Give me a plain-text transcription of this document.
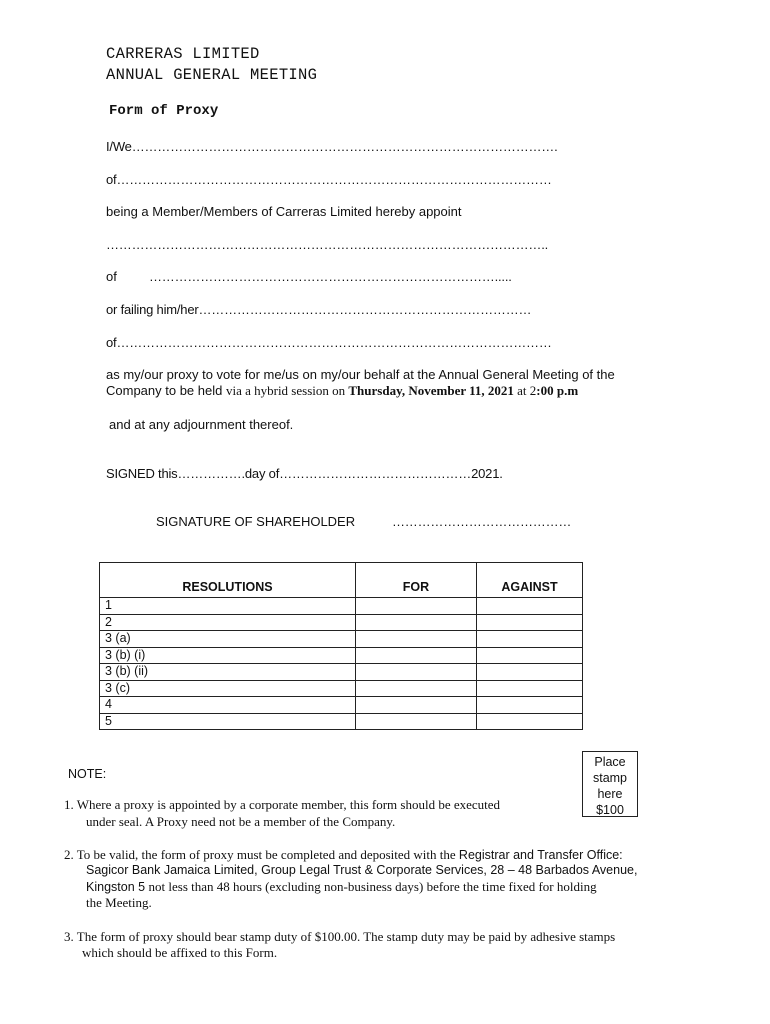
CARRERAS LIMITED
ANNUAL GENERAL MEETING
Form of Proxy
I/We……………………………………………………………………………………….
of…………………………………………………………………………………………
being a Member/Members of Carreras Limited hereby appoint
…………………………………………………………………………………………..
of ……………………………………………………………………….....
or failing him/her……………………………………………………………………
of…………………………………………………………………………………………
as my/our proxy to vote for me/us on my/our behalf at the Annual General Meeting of the
Company to be held via a hybrid session on Thursday, November 11, 2021 at 2:00 p.m
and at any adjournment thereof.
SIGNED this…………….day of………………………………………2021.
SIGNATURE OF SHAREHOLDER	……………………………………
RESOLUTIONS	FOR	AGAINST
1		
2		
3 (a)		
3 (b) (i)		
3 (b) (ii)		
3 (c)		
4		
5		
Place
stamp
here
$100
NOTE:
1. Where a proxy is appointed by a corporate member, this form should be executed
under seal. A Proxy need not be a member of the Company.
2. To be valid, the form of proxy must be completed and deposited with the Registrar and Transfer Office:
Sagicor Bank Jamaica Limited, Group Legal Trust & Corporate Services, 28 – 48 Barbados Avenue,
Kingston 5 not less than 48 hours (excluding non-business days) before the time fixed for holding
the Meeting.
3. The form of proxy should bear stamp duty of $100.00. The stamp duty may be paid by adhesive stamps
which should be affixed to this Form.
